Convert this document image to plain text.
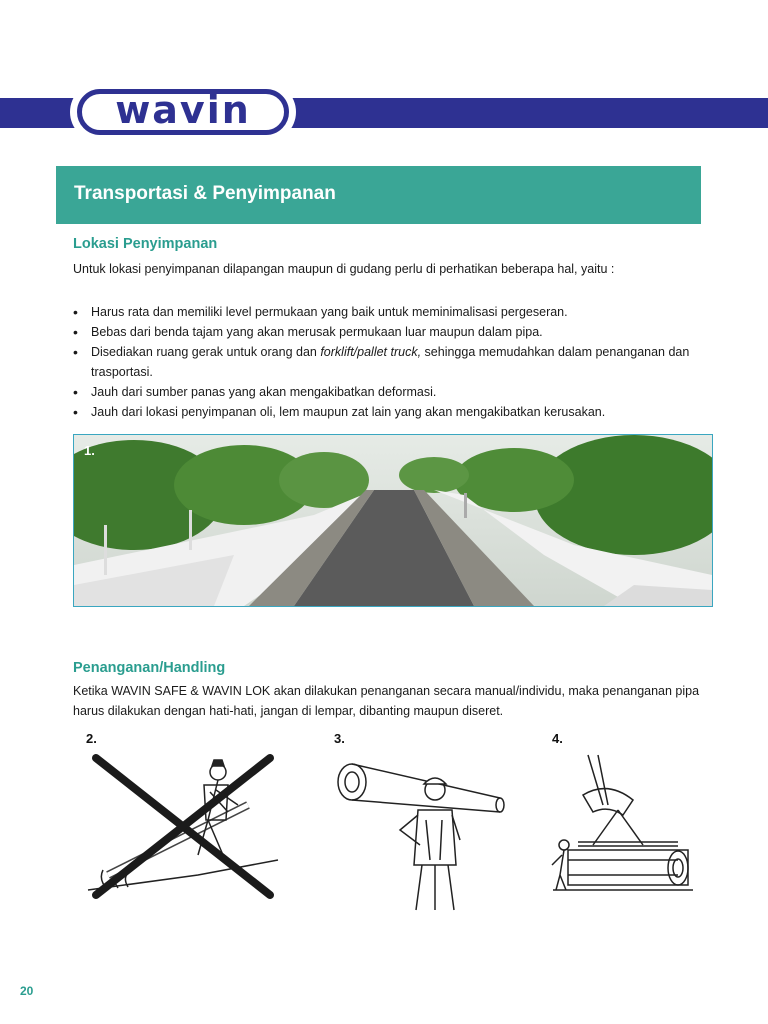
wavin
Transportasi & Penyimpanan
Lokasi Penyimpanan
Untuk lokasi penyimpanan dilapangan maupun di gudang perlu di perhatikan beberapa hal, yaitu :
• Harus rata dan memiliki level permukaan yang baik untuk meminimalisasi pergeseran.
• Bebas dari benda tajam yang akan merusak permukaan luar maupun dalam pipa.
• Disediakan ruang gerak untuk orang dan forklift/pallet truck, sehingga memudahkan dalam penanganan dan trasportasi.
• Jauh dari sumber panas yang akan mengakibatkan deformasi.
• Jauh dari lokasi penyimpanan oli, lem maupun zat lain yang akan mengakibatkan kerusakan.
1.
Penanganan/Handling
Ketika WAVIN SAFE & WAVIN LOK akan dilakukan penanganan secara manual/individu, maka penanganan pipa harus dilakukan dengan hati-hati, jangan di lempar, dibanting maupun diseret.
2.	3.	4.
20
